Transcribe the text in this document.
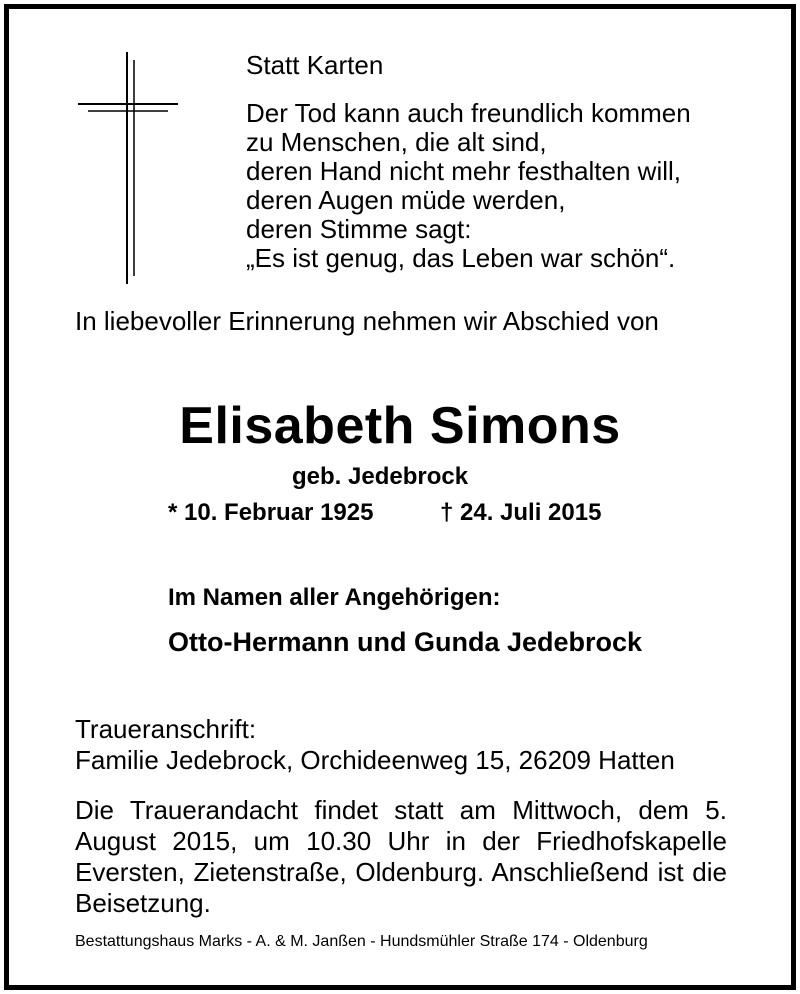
Statt Karten
Der Tod kann auch freundlich kommen
zu Menschen, die alt sind,
deren Hand nicht mehr festhalten will,
deren Augen müde werden,
deren Stimme sagt:
„Es ist genug, das Leben war schön“.
In liebevoller Erinnerung nehmen wir Abschied von
Elisabeth Simons
geb. Jedebrock
* 10. Februar 1925	† 24. Juli 2015
Im Namen aller Angehörigen:
Otto-Hermann und Gunda Jedebrock
Traueranschrift:
Familie Jedebrock, Orchideenweg 15, 26209 Hatten
Die Trauerandacht findet statt am Mittwoch, dem 5. August 2015, um 10.30 Uhr in der Friedhofskapelle Eversten, Zietenstraße, Oldenburg. Anschließend ist die Beisetzung.
Bestattungshaus Marks - A. & M. Janßen - Hundsmühler Straße 174 - Oldenburg
